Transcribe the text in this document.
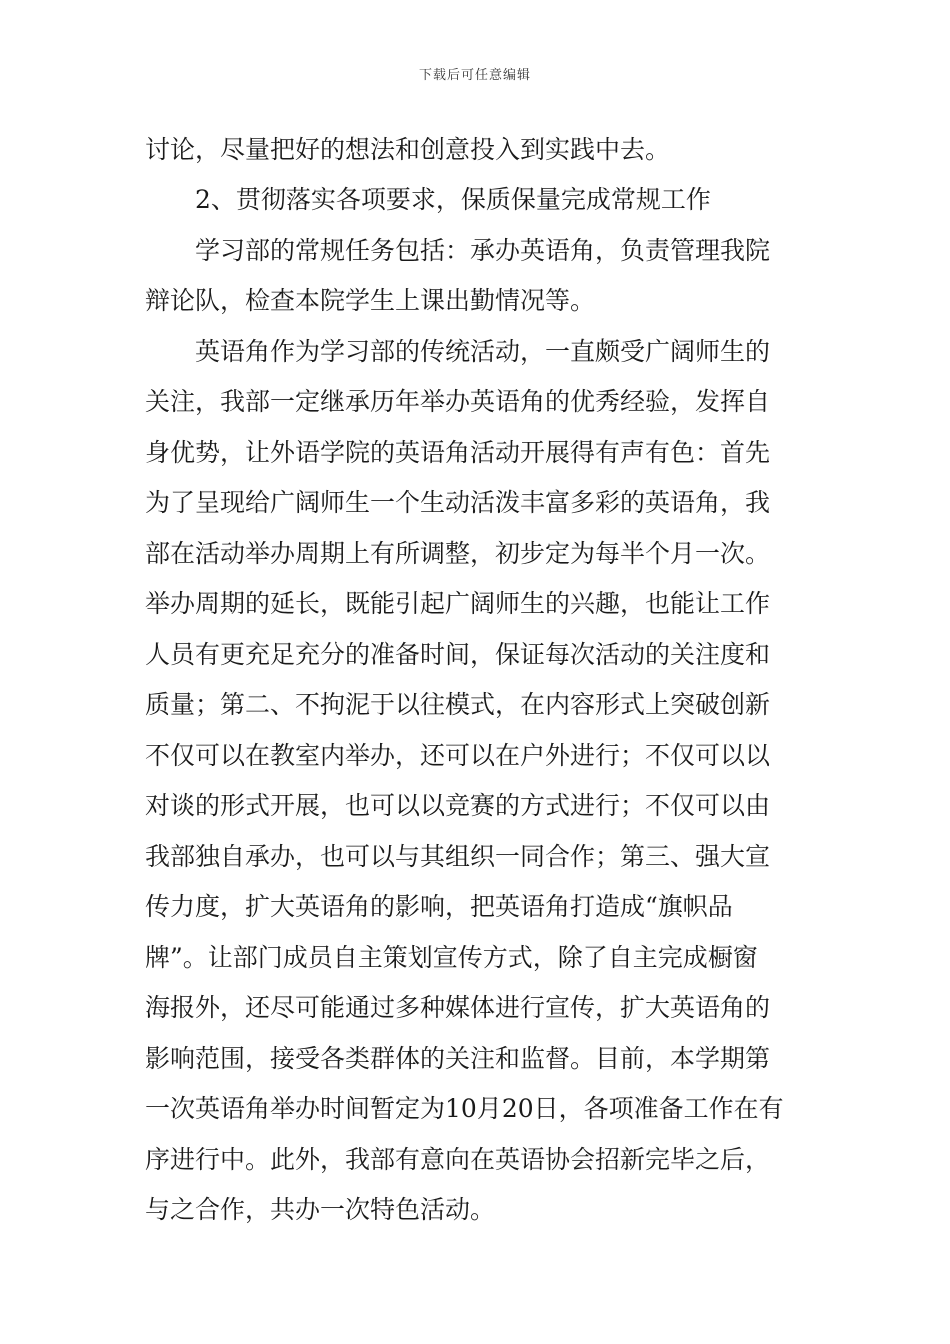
下载后可任意编辑
讨论，尽量把好的想法和创意投入到实践中去。
2、贯彻落实各项要求，保质保量完成常规工作
学习部的常规任务包括：承办英语角，负责管理我院
辩论队，检查本院学生上课出勤情况等。
英语角作为学习部的传统活动，一直颇受广阔师生的
关注，我部一定继承历年举办英语角的优秀经验，发挥自
身优势，让外语学院的英语角活动开展得有声有色：首先
为了呈现给广阔师生一个生动活泼丰富多彩的英语角，我
部在活动举办周期上有所调整，初步定为每半个月一次。
举办周期的延长，既能引起广阔师生的兴趣，也能让工作
人员有更充足充分的准备时间，保证每次活动的关注度和
质量；第二、不拘泥于以往模式，在内容形式上突破创新
不仅可以在教室内举办，还可以在户外进行；不仅可以以
对谈的形式开展，也可以以竞赛的方式进行；不仅可以由
我部独自承办，也可以与其组织一同合作；第三、强大宣
传力度，扩大英语角的影响，把英语角打造成“旗帜品
牌”。让部门成员自主策划宣传方式，除了自主完成橱窗
海报外，还尽可能通过多种媒体进行宣传，扩大英语角的
影响范围，接受各类群体的关注和监督。目前，本学期第
一次英语角举办时间暂定为10月20日，各项准备工作在有
序进行中。此外，我部有意向在英语协会招新完毕之后，
与之合作，共办一次特色活动。
